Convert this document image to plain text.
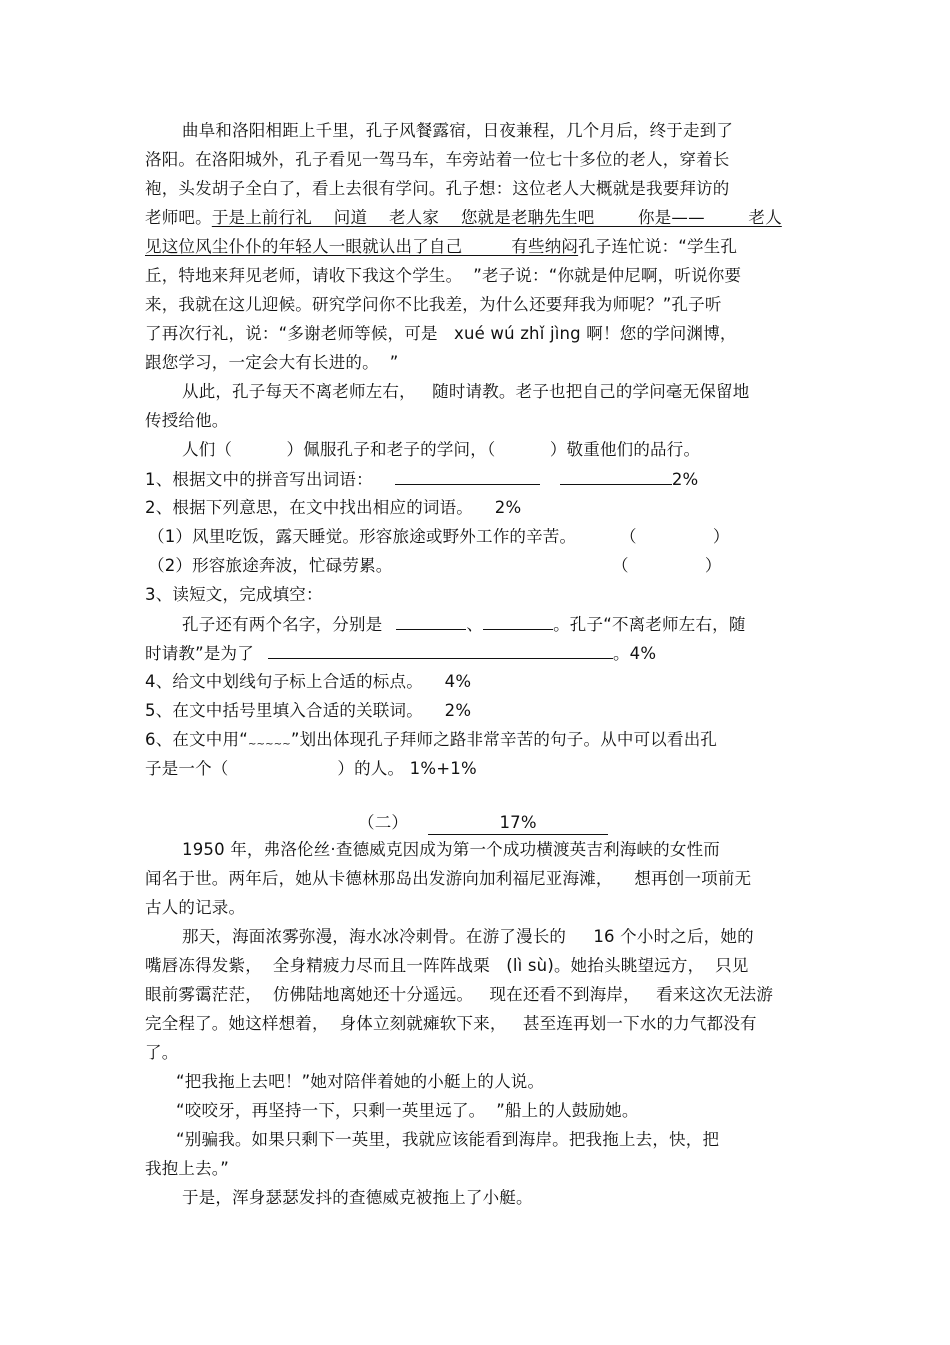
曲阜和洛阳相距上千里，孔子风餐露宿，日夜兼程，几个月后，终于走到了
洛阳。在洛阳城外，孔子看见一驾马车，车旁站着一位七十多位的老人，穿着长
袍，头发胡子全白了，看上去很有学问。孔子想：这位老人大概就是我要拜访的
老师吧。于是上前行礼    问道    老人家    您就是老聃先生吧        你是——        老人
见这位风尘仆仆的年轻人一眼就认出了自己         有些纳闷孔子连忙说：“学生孔
丘，特地来拜见老师，请收下我这个学生。  ”老子说：“你就是仲尼啊，听说你要
来，我就在这儿迎候。研究学问你不比我差，为什么还要拜我为师呢？”孔子听
了再次行礼，说：“多谢老师等候，可是   xué wú zhǐ jìng 啊！您的学问渊博，
跟您学习，一定会大有长进的。  ”
从此，孔子每天不离老师左右，   随时请教。老子也把自己的学问毫无保留地
传授给他。
人们（          ）佩服孔子和老子的学问，（          ）敬重他们的品行。
1、根据文中的拼音写出词语：	2%
2、根据下列意思，在文中找出相应的词语。    2%
（1）风里吃饭，露天睡觉。形容旅途或野外工作的辛苦。	（              ）
（2）形容旅途奔波，忙碌劳累。	（              ）
3、读短文，完成填空：
孔子还有两个名字，分别是	、	。孔子“不离老师左右，随
时请教”是为了	。4%
4、给文中划线句子标上合适的标点。    4%
5、在文中括号里填入合适的关联词。    2%
6、在文中用“~~~~~”划出体现孔子拜师之路非常辛苦的句子。从中可以看出孔
子是一个（                    ）的人。 1%+1%
（二）	17%
1950 年，弗洛伦丝·查德威克因成为第一个成功横渡英吉利海峡的女性而
闻名于世。两年后，她从卡德林那岛出发游向加利福尼亚海滩，    想再创一项前无
古人的记录。
那天，海面浓雾弥漫，海水冰冷刺骨。在游了漫长的     16 个小时之后，她的
嘴唇冻得发紫，  全身精疲力尽而且一阵阵战栗   (lì sù)。她抬头眺望远方，  只见
眼前雾霭茫茫，  仿佛陆地离她还十分遥远。   现在还看不到海岸，   看来这次无法游
完全程了。她这样想着，  身体立刻就瘫软下来，   甚至连再划一下水的力气都没有
了。
“把我拖上去吧！”她对陪伴着她的小艇上的人说。
“咬咬牙，再坚持一下，只剩一英里远了。  ”船上的人鼓励她。
“别骗我。如果只剩下一英里，我就应该能看到海岸。把我拖上去，快，把
我抱上去。”
于是，浑身瑟瑟发抖的查德威克被拖上了小艇。
